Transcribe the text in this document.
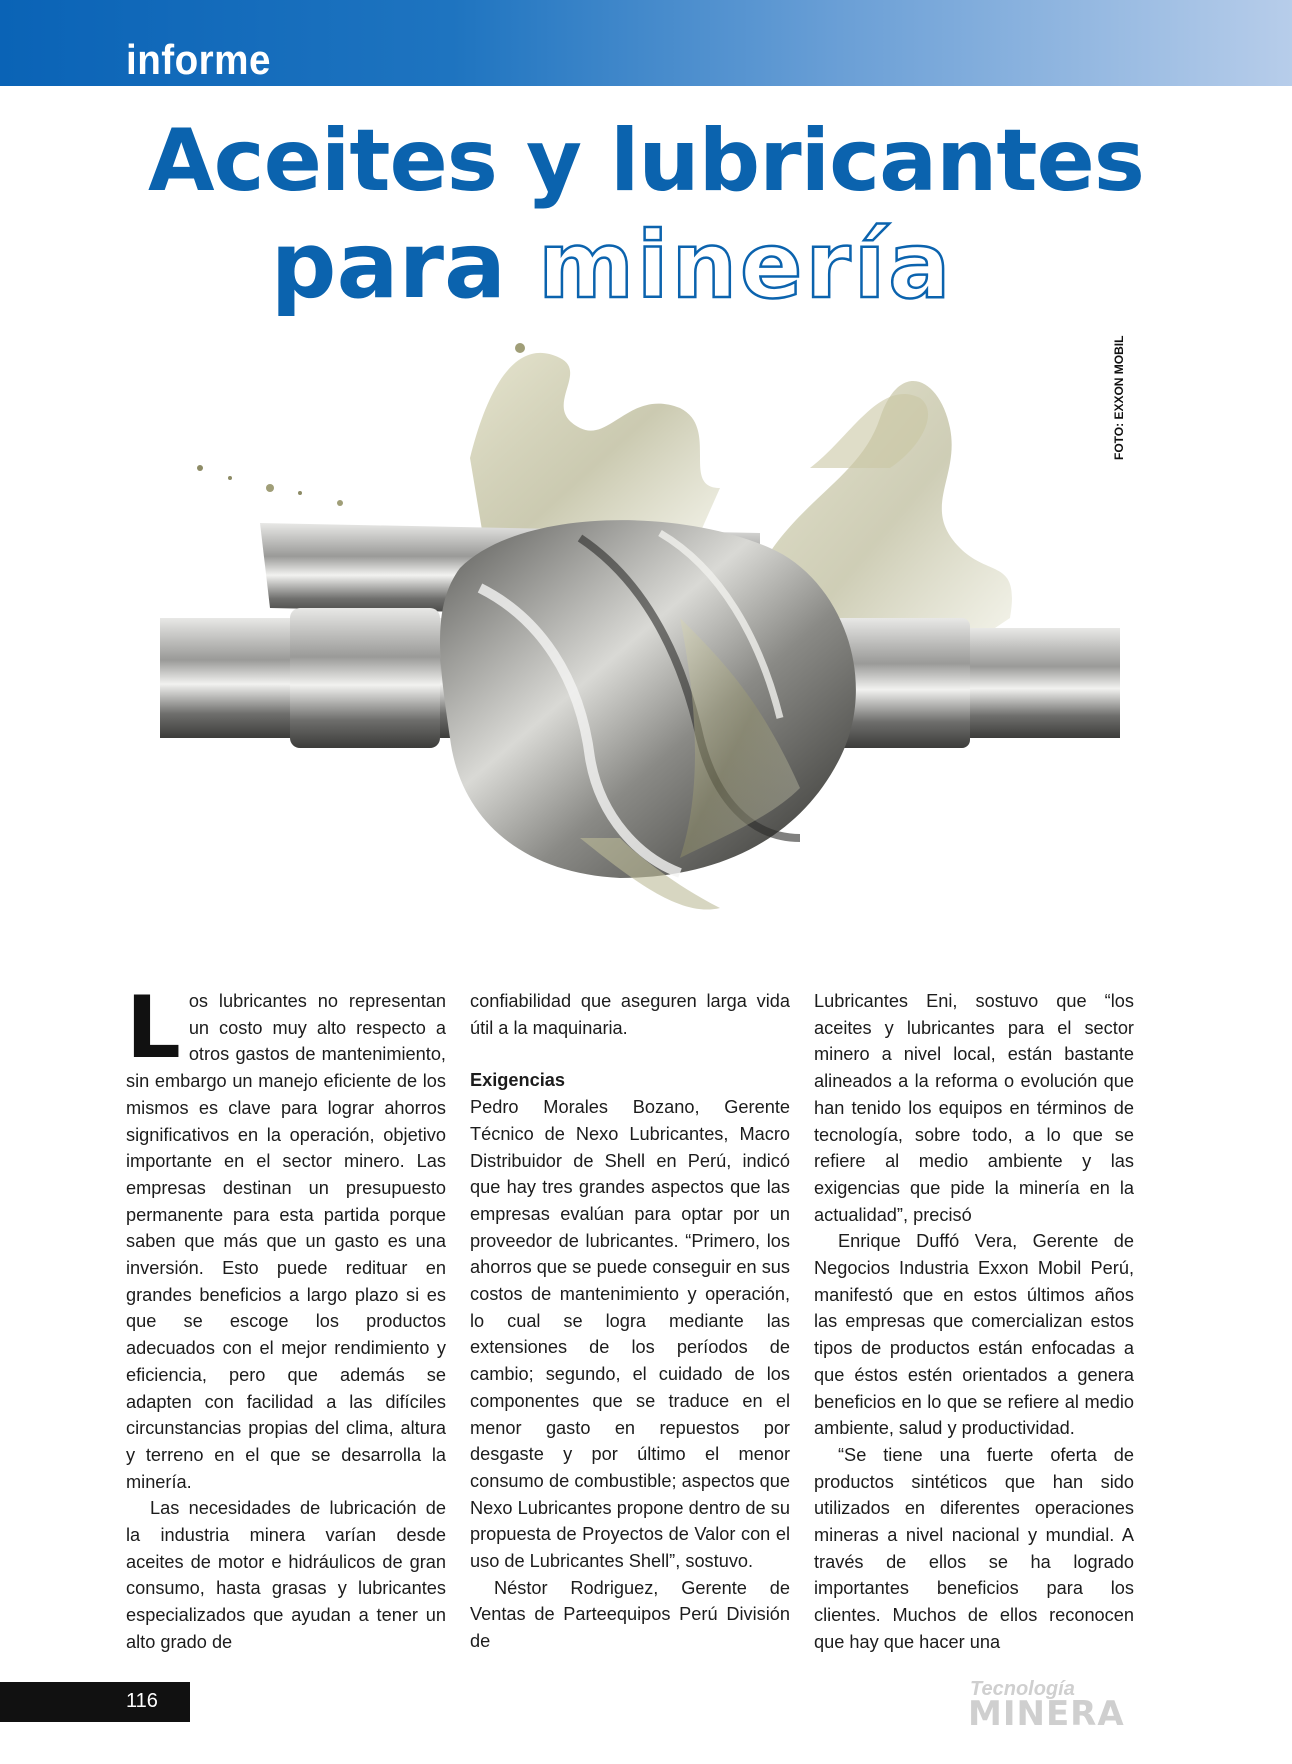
informe
Aceites y lubricantes
para minería
FOTO: EXXON MOBIL

Los lubricantes no representan un costo muy alto respecto a otros gastos de mantenimiento, sin embargo un manejo eficiente de los mismos es clave para lograr ahorros significativos en la operación, objetivo importante en el sector minero. Las empresas destinan un presupuesto permanente para esta partida porque saben que más que un gasto es una inversión. Esto puede redituar en grandes beneficios a largo plazo si es que se escoge los productos adecuados con el mejor rendimiento y eficiencia, pero que además se adapten con facilidad a las difíciles circunstancias propias del clima, altura y terreno en el que se desarrolla la minería.

Las necesidades de lubricación de la industria minera varían desde aceites de motor e hidráulicos de gran consumo, hasta grasas y lubricantes especializados que ayudan a tener un alto grado de

confiabilidad que aseguren larga vida útil a la maquinaria.

Exigencias

Pedro Morales Bozano, Gerente Técnico de Nexo Lubricantes, Macro Distribuidor de Shell en Perú, indicó que hay tres grandes aspectos que las empresas evalúan para optar por un proveedor de lubricantes. “Primero, los ahorros que se puede conseguir en sus costos de mantenimiento y operación, lo cual se logra mediante las extensiones de los períodos de cambio; segundo, el cuidado de los componentes que se traduce en el menor gasto en repuestos por desgaste y por último el menor consumo de combustible; aspectos que Nexo Lubricantes propone dentro de su propuesta de Proyectos de Valor con el uso de Lubricantes Shell”, sostuvo.

Néstor Rodriguez, Gerente de Ventas de Parteequipos Perú División de

Lubricantes Eni, sostuvo que “los aceites y lubricantes para el sector minero a nivel local, están bastante alineados a la reforma o evolución que han tenido los equipos en términos de tecnología, sobre todo, a lo que se refiere al medio ambiente y las exigencias que pide la minería en la actualidad”, precisó

Enrique Duffó Vera, Gerente de Negocios Industria Exxon Mobil Perú, manifestó que en estos últimos años las empresas que comercializan estos tipos de productos están enfocadas a que éstos estén orientados a genera beneficios en lo que se refiere al medio ambiente, salud y productividad.

“Se tiene una fuerte oferta de productos sintéticos que han sido utilizados en diferentes operaciones mineras a nivel nacional y mundial. A través de ellos se ha logrado importantes beneficios para los clientes. Muchos de ellos reconocen que hay que hacer una

116
Tecnología
MINERA
